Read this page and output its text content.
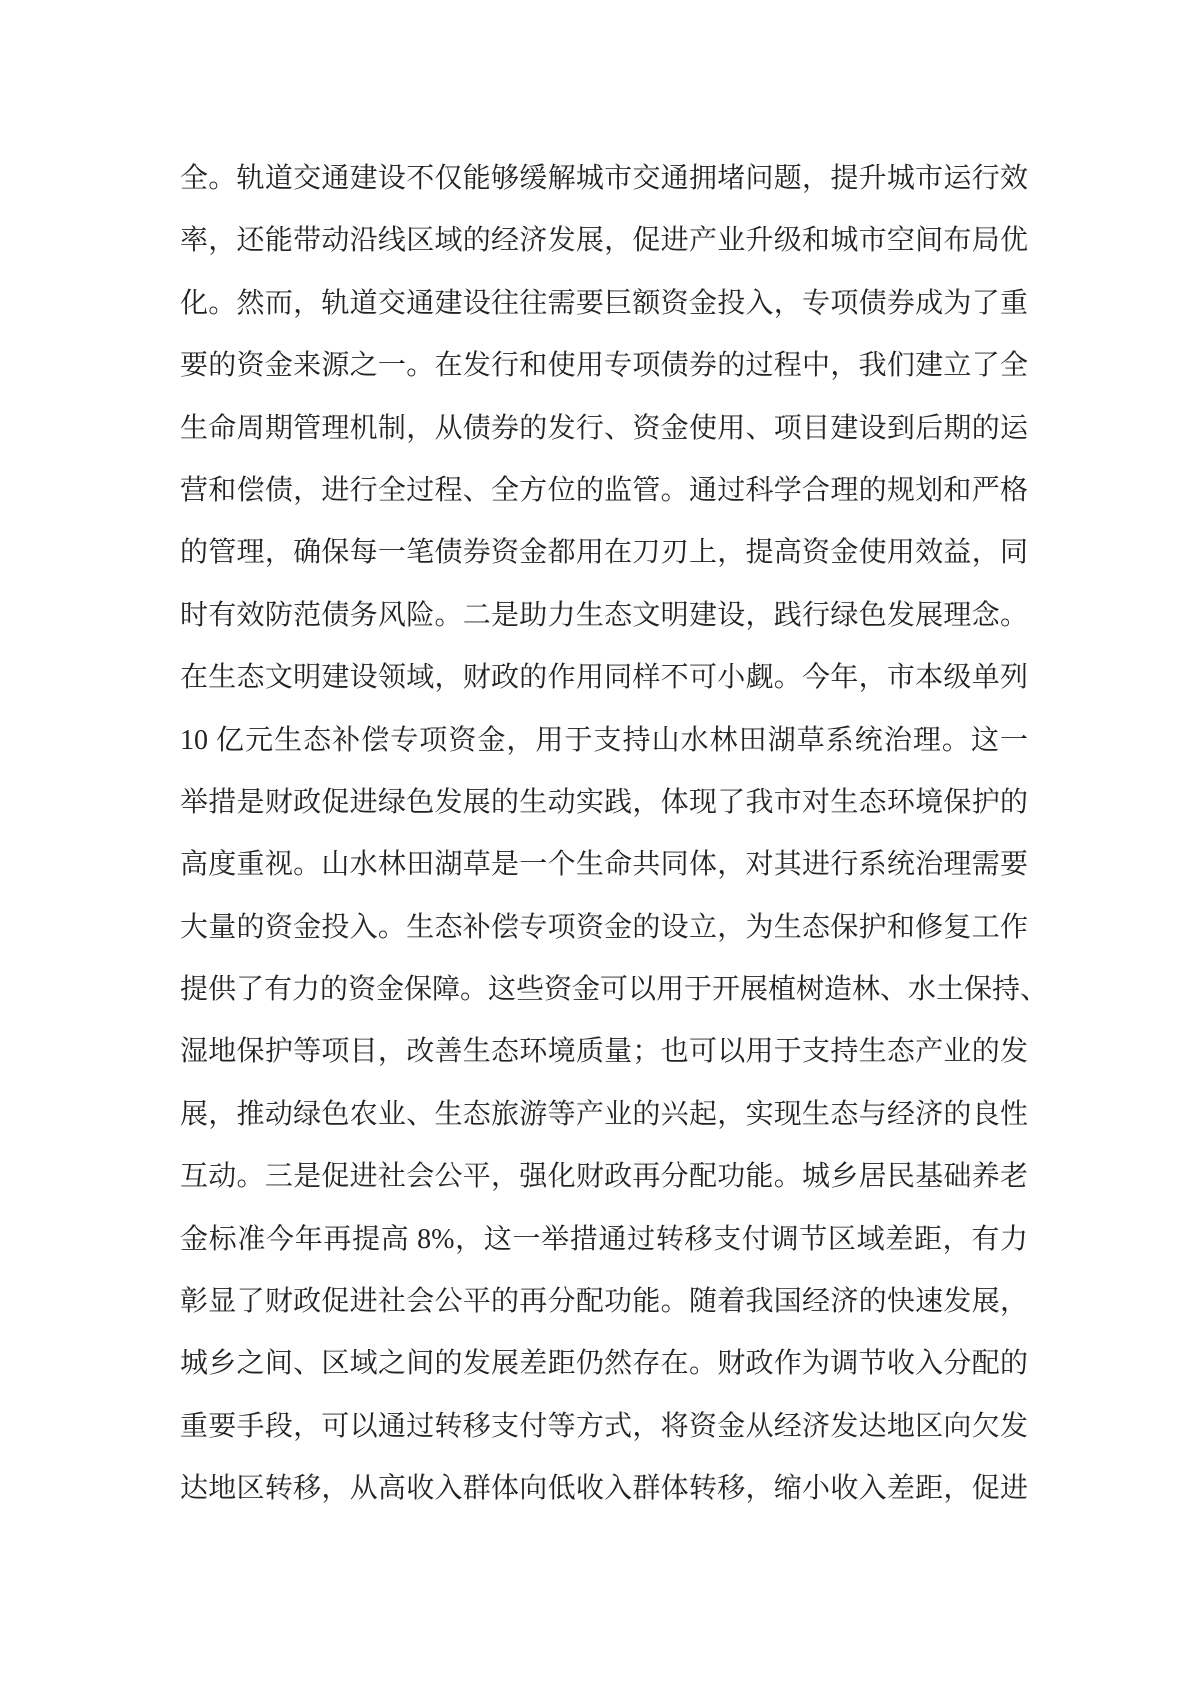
全。轨道交通建设不仅能够缓解城市交通拥堵问题，提升城市运行效
率，还能带动沿线区域的经济发展，促进产业升级和城市空间布局优
化。然而，轨道交通建设往往需要巨额资金投入，专项债券成为了重
要的资金来源之一。在发行和使用专项债券的过程中，我们建立了全
生命周期管理机制，从债券的发行、资金使用、项目建设到后期的运
营和偿债，进行全过程、全方位的监管。通过科学合理的规划和严格
的管理，确保每一笔债券资金都用在刀刃上，提高资金使用效益，同
时有效防范债务风险。二是助力生态文明建设，践行绿色发展理念。
在生态文明建设领域，财政的作用同样不可小觑。今年，市本级单列
10 亿元生态补偿专项资金，用于支持山水林田湖草系统治理。这一
举措是财政促进绿色发展的生动实践，体现了我市对生态环境保护的
高度重视。山水林田湖草是一个生命共同体，对其进行系统治理需要
大量的资金投入。生态补偿专项资金的设立，为生态保护和修复工作
提供了有力的资金保障。这些资金可以用于开展植树造林、水土保持、
湿地保护等项目，改善生态环境质量；也可以用于支持生态产业的发
展，推动绿色农业、生态旅游等产业的兴起，实现生态与经济的良性
互动。三是促进社会公平，强化财政再分配功能。城乡居民基础养老
金标准今年再提高 8%，这一举措通过转移支付调节区域差距，有力
彰显了财政促进社会公平的再分配功能。随着我国经济的快速发展，
城乡之间、区域之间的发展差距仍然存在。财政作为调节收入分配的
重要手段，可以通过转移支付等方式，将资金从经济发达地区向欠发
达地区转移，从高收入群体向低收入群体转移，缩小收入差距，促进
